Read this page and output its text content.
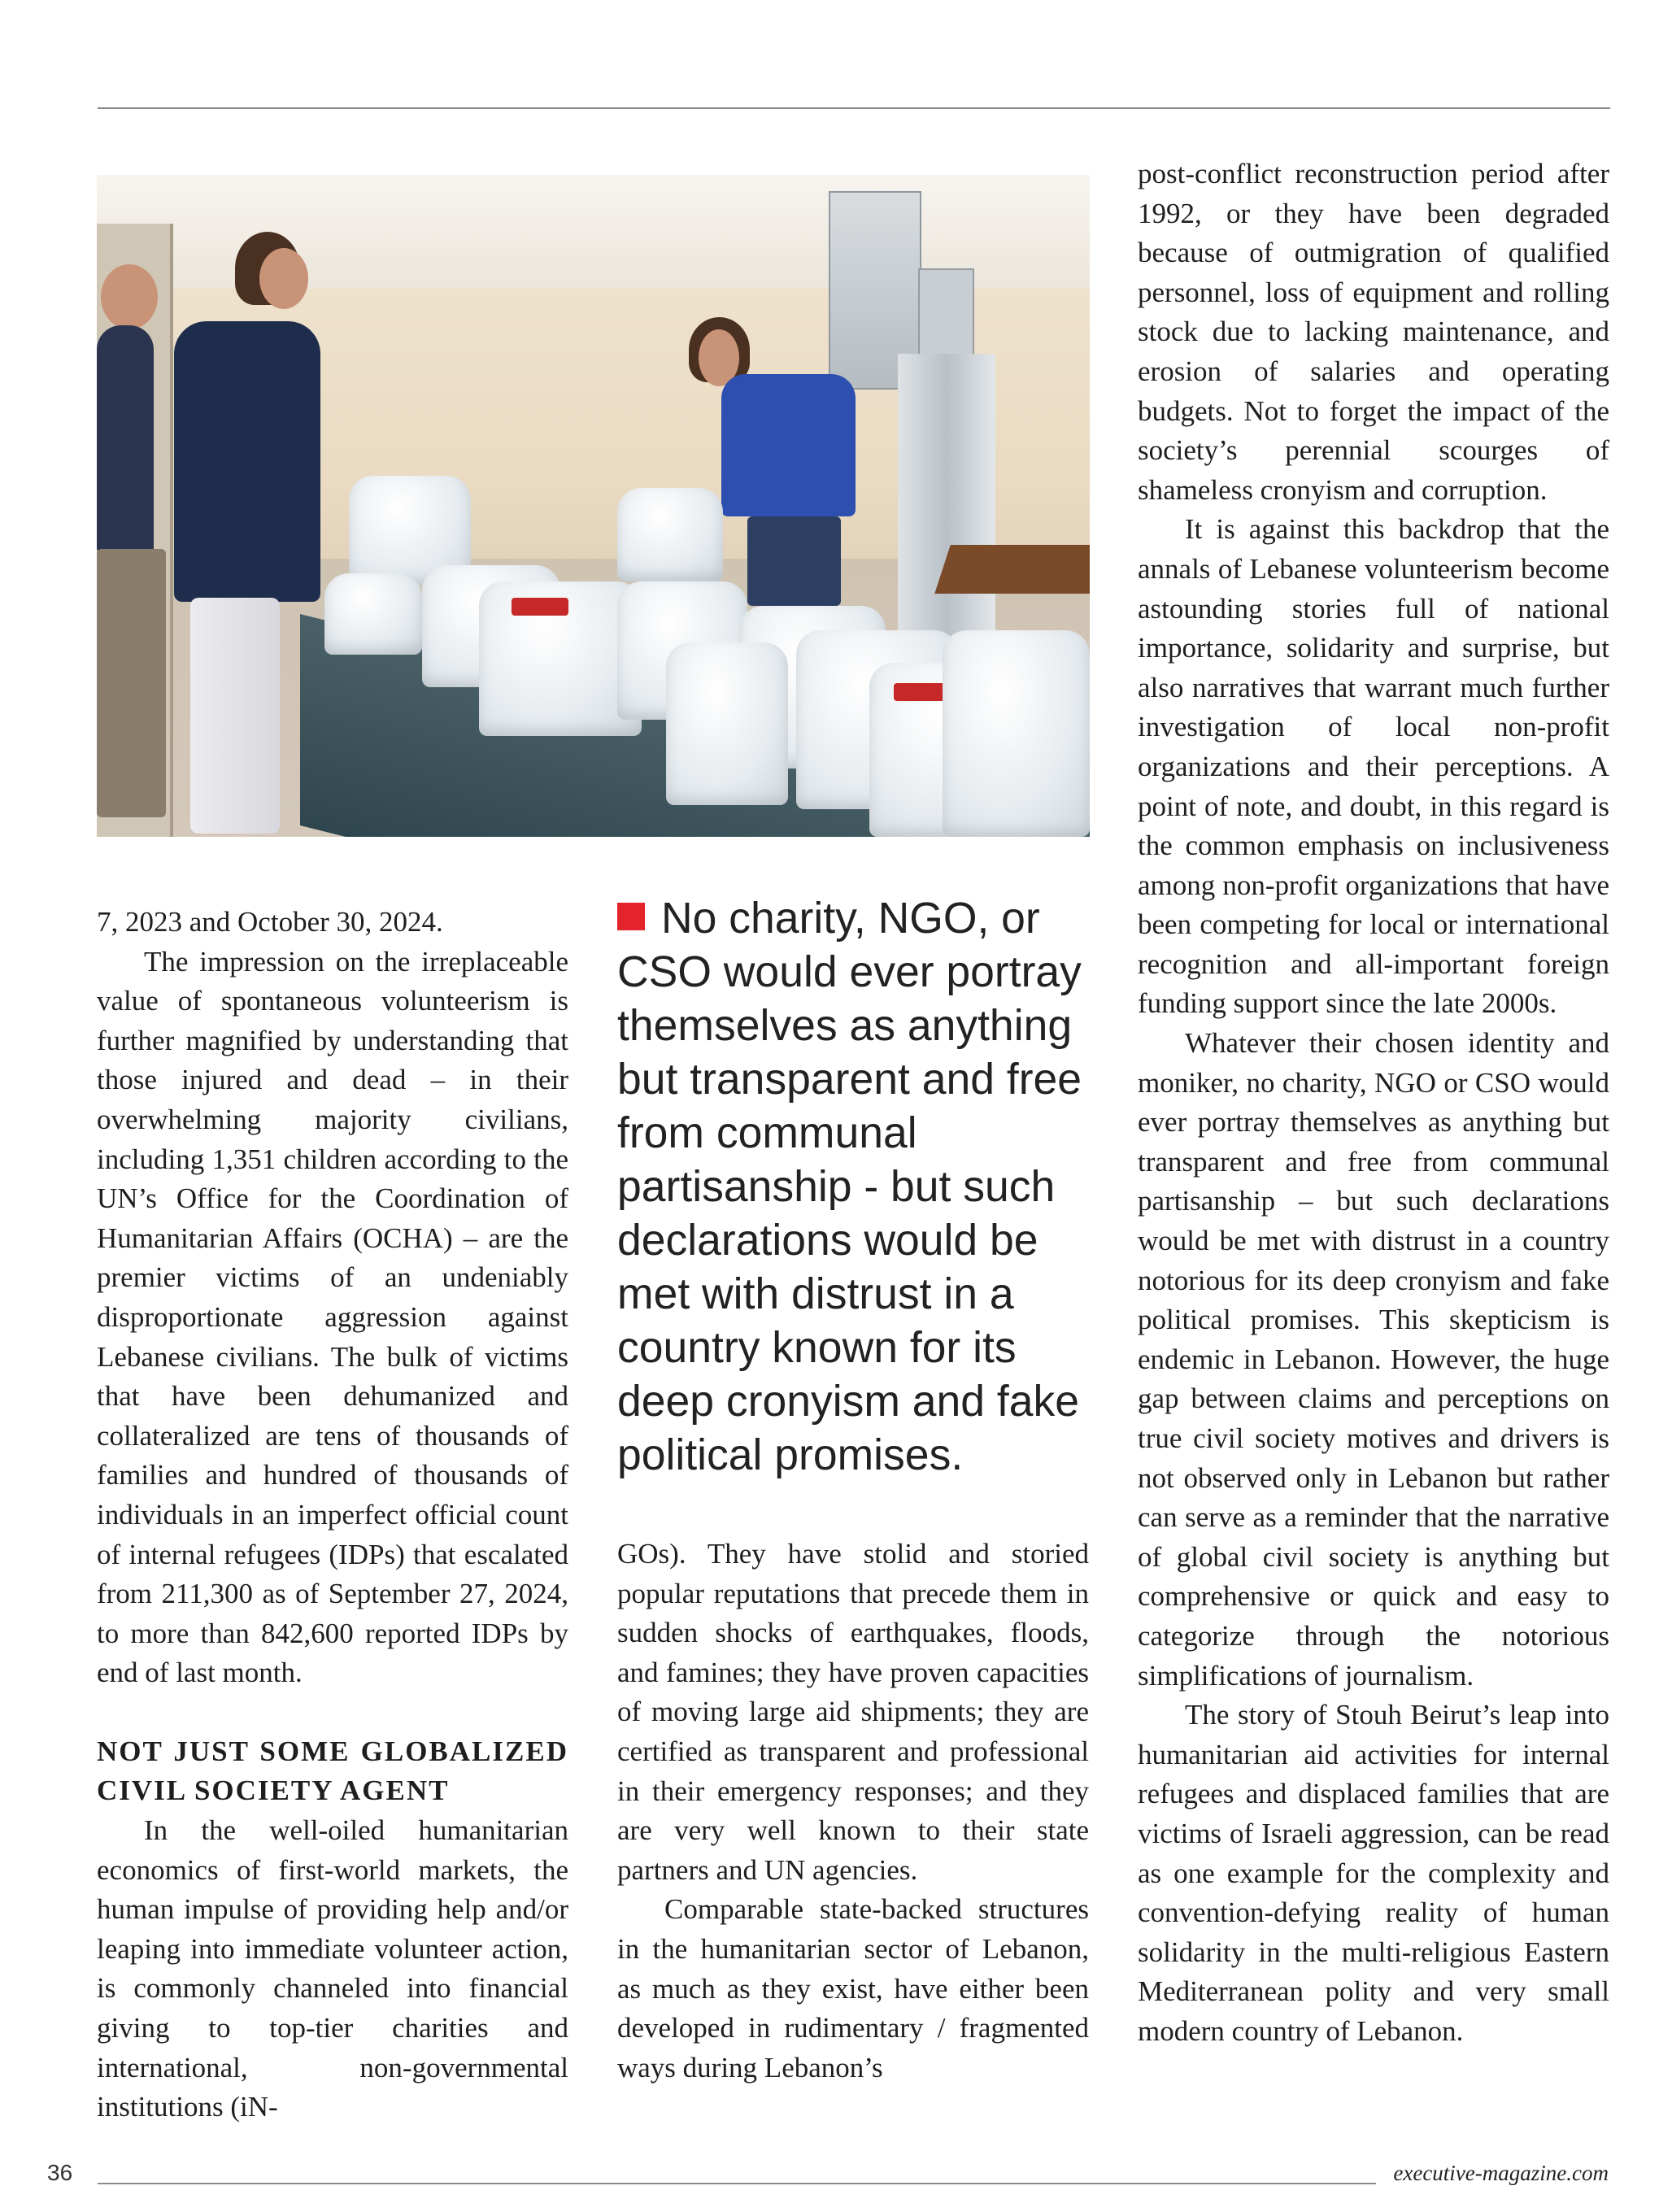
7, 2023 and October 30, 2024.

The impression on the irreplaceable value of spontaneous volunteerism is further magnified by understanding that those injured and dead – in their overwhelming majority civilians, including 1,351 children according to the UN’s Office for the Coordination of Humanitarian Affairs (OCHA) – are the premier victims of an undeniably disproportionate aggression against Lebanese civilians. The bulk of victims that have been dehumanized and collateralized are tens of thousands of families and hundred of thousands of individuals in an imperfect official count of internal refugees (IDPs) that escalated from 211,300 as of September 27, 2024, to more than 842,600 reported IDPs by end of last month.

NOT JUST SOME GLOBALIZED CIVIL SOCIETY AGENT

In the well-oiled humanitarian economics of first-world markets, the human impulse of providing help and/or leaping into immediate volunteer action, is commonly channeled into financial giving to top-tier charities and international, non-governmental institutions (iN-

No charity, NGO, or CSO would ever portray themselves as anything but transparent and free from communal partisanship - but such declarations would be met with distrust in a country known for its deep cronyism and fake political promises.

GOs). They have stolid and storied popular reputations that precede them in sudden shocks of earthquakes, floods, and famines; they have proven capacities of moving large aid shipments; they are certified as transparent and professional in their emergency responses; and they are very well known to their state partners and UN agencies.

Comparable state-backed structures in the humanitarian sector of Lebanon, as much as they exist, have either been developed in rudimentary / fragmented ways during Lebanon’s

post-conflict reconstruction period after 1992, or they have been degraded because of outmigration of qualified personnel, loss of equipment and rolling stock due to lacking maintenance, and erosion of salaries and operating budgets. Not to forget the impact of the society’s perennial scourges of shameless cronyism and corruption.

It is against this backdrop that the annals of Lebanese volunteerism become astounding stories full of national importance, solidarity and surprise, but also narratives that warrant much further investigation of local non-profit organizations and their perceptions. A point of note, and doubt, in this regard is the common emphasis on inclusiveness among non-profit organizations that have been competing for local or international recognition and all-important foreign funding support since the late 2000s.

Whatever their chosen identity and moniker, no charity, NGO or CSO would ever portray themselves as anything but transparent and free from communal partisanship – but such declarations would be met with distrust in a country notorious for its deep cronyism and fake political promises. This skepticism is endemic in Lebanon. However, the huge gap between claims and perceptions on true civil society motives and drivers is not observed only in Lebanon but rather can serve as a reminder that the narrative of global civil society is anything but comprehensive or quick and easy to categorize through the notorious simplifications of journalism.

The story of Stouh Beirut’s leap into humanitarian aid activities for internal refugees and displaced families that are victims of Israeli aggression, can be read as one example for the complexity and convention-defying reality of human solidarity in the multi-religious Eastern Mediterranean polity and very small modern country of Lebanon.

36	executive-magazine.com
